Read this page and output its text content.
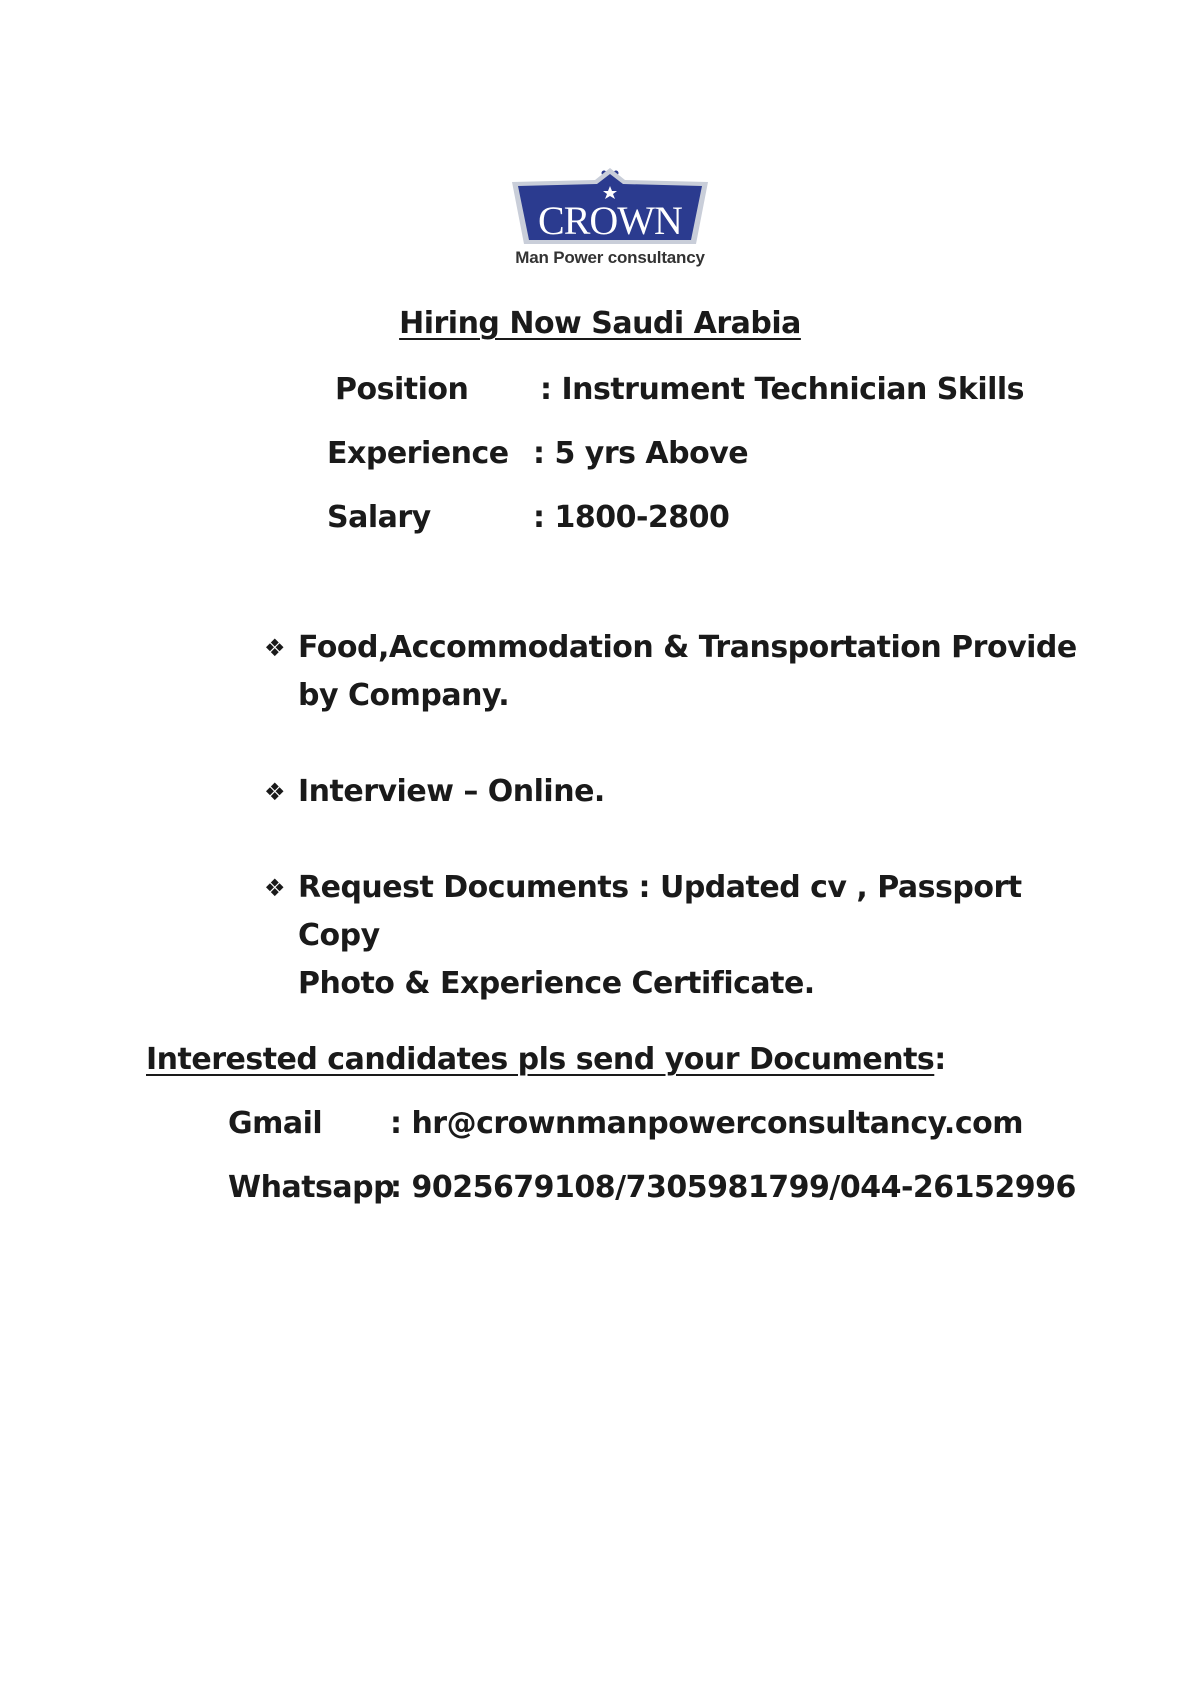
CROWN
Man Power consultancy
Hiring Now Saudi Arabia
Position : Instrument Technician Skills
Experience : 5 yrs Above
Salary	: 1800-2800
❖ Food,Accommodation & Transportation Provide
by Company.
❖ Interview – Online.
❖ Request Documents : Updated cv , Passport Copy
Photo & Experience Certificate.
Interested candidates pls send your Documents:
Gmail : hr@crownmanpowerconsultancy.com
Whatsapp
: 9025679108/7305981799/044-26152996
